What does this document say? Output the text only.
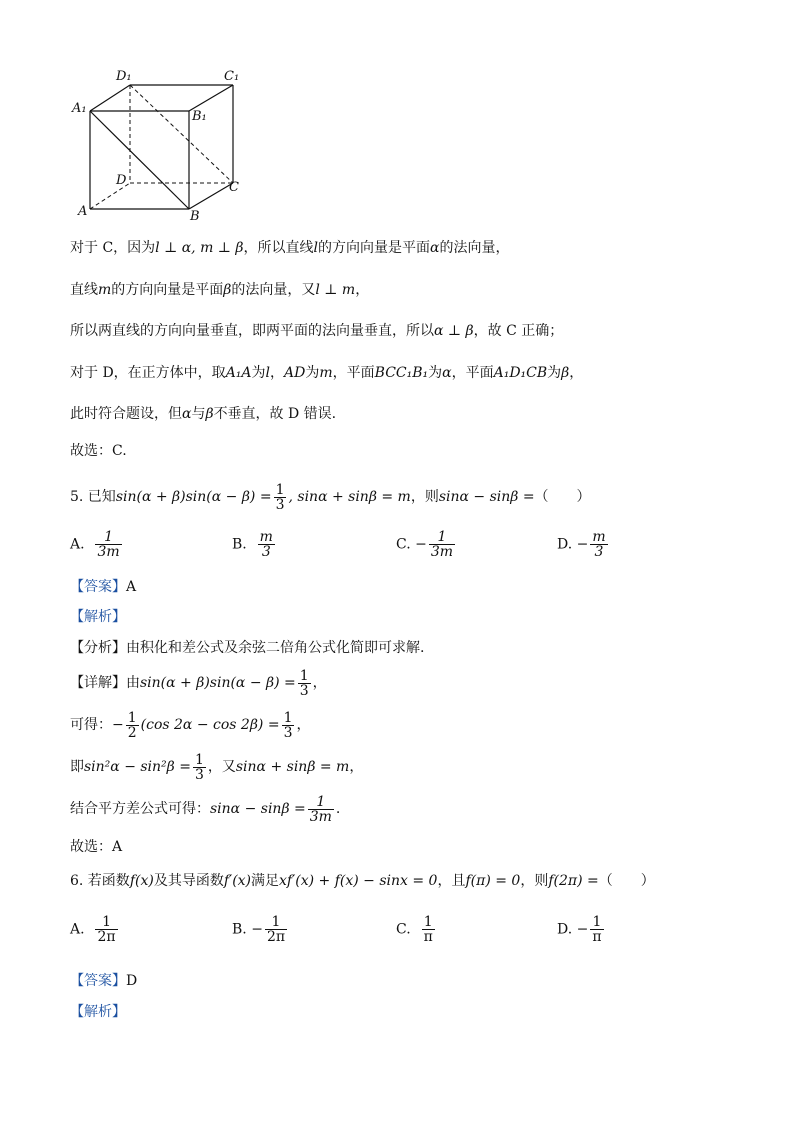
D₁	C₁
A₁
B₁
D	C
A	B
对于 C，因为l ⊥ α, m ⊥ β，所以直线l的方向向量是平面α的法向量，
直线m的方向向量是平面β的法向量，又l ⊥ m，
所以两直线的方向向量垂直，即两平面的法向量垂直，所以α ⊥ β，故 C 正确；
对于 D，在正方体中，取A₁A为l，AD为m，平面BCC₁B₁为α，平面A₁D₁CB为β，
此时符合题设，但α与β不垂直，故 D 错误.
故选：C.
5. 已知$\sin(\alpha + \beta)\sin(\alpha - \beta) = \frac{1}{3}$ , sinα + sinβ = m，则sinα − sinβ =（　　）
A. $\frac{1}{3m}$	B. $\frac{m}{3}$	C. − $\frac{1}{3m}$	D. − $\frac{m}{3}$
【答案】A
【解析】
【分析】由积化和差公式及余弦二倍角公式化简即可求解.
【详解】由$\sin(\alpha + \beta)\sin(\alpha - \beta) = \frac{1}{3}$ ，
可得：− $\frac{1}{2} (\cos$ $2\alpha - \cos 2\beta) = \frac{1}{3}$ ，
即$\sin^2\alpha - \sin^2\beta = \frac{1}{3}$ ，又sinα + sinβ = m，
结合平方差公式可得：$\sin\alpha - \sin\beta = \frac{1}{3m}$ .
故选：A
6. 若函数f(x)及其导函数f′(x)满足xf′(x) + f(x) − sinx = 0，且f(π) = 0，则f(2π) =（　　）
A. $\frac{1}{2\pi}$	B. − $\frac{1}{2\pi}$	C. $\frac{1}{\pi}$	D. − $\frac{1}{\pi}$
【答案】D
【解析】
